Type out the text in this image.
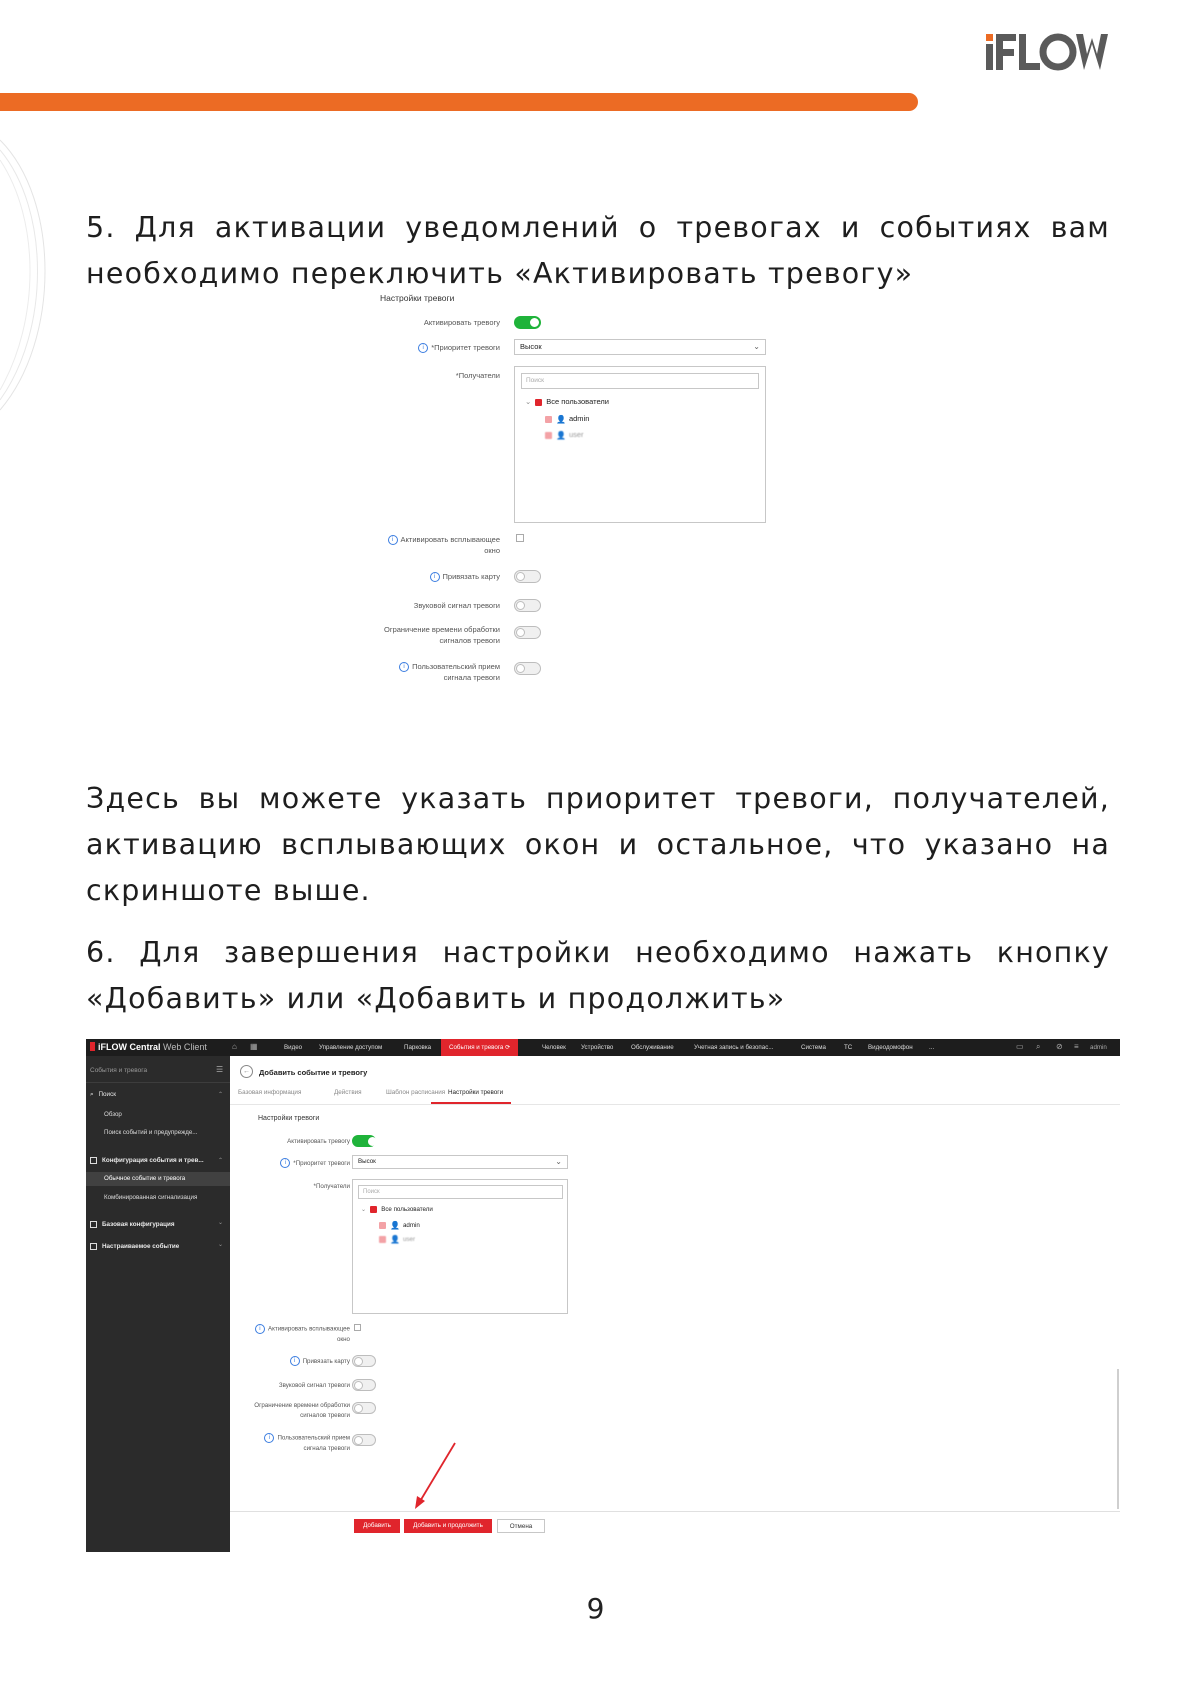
5. Для активации уведомлений о тревогах и событиях вам необходимо переключить «Активировать тревогу»

Настройки тревоги
Активировать тревогу
i *Приоритет тревоги	Высок	⌄
*Получатели
Поиск
⌄ Все пользователи
👤 admin
👤 user
i Активировать всплывающее
окно
i Привязать карту
Звуковой сигнал тревоги
Ограничение времени обработки
сигналов тревоги
i Пользовательский прием
сигнала тревоги

Здесь вы можете указать приоритет тревоги, получателей, активацию всплывающих окон и остальное, что указано на скриншоте выше.

6. Для завершения настройки необходимо нажать кнопку «Добавить» или «Добавить и продолжить»

iFLOW Central Web Client	⌂ ▦	Видео	Управление доступом	Парковка	События и тревога ⟳	Человек Устройство	Обслуживание	Учетная запись и безопас...	Система	ТС	Видеодомофон	...	▭ ⌕ ⊘ ≡ admin
События и тревога	☰
⌕ Поиск	⌃
Обзор
Поиск событий и предупрежде...
Конфигурация события и трев... ⌃
Обычное событие и тревога
Комбинированная сигнализация
Базовая конфигурация	⌄
Настраиваемое событие	⌄
←	Добавить событие и тревогу
Базовая информация	Действия	Шаблон расписания Настройки тревоги
Настройки тревоги
Активировать тревогу
i *Приоритет тревоги	Высок	⌄
*Получатели
Поиск
⌄ Все пользователи
👤 admin
👤 user
i Активировать всплывающее
окно
i Привязать карту
Звуковой сигнал тревоги
Ограничение времени обработки
сигналов тревоги
i Пользовательский прием
сигнала тревоги
Добавить	Добавить и продолжить	Отмена
9
